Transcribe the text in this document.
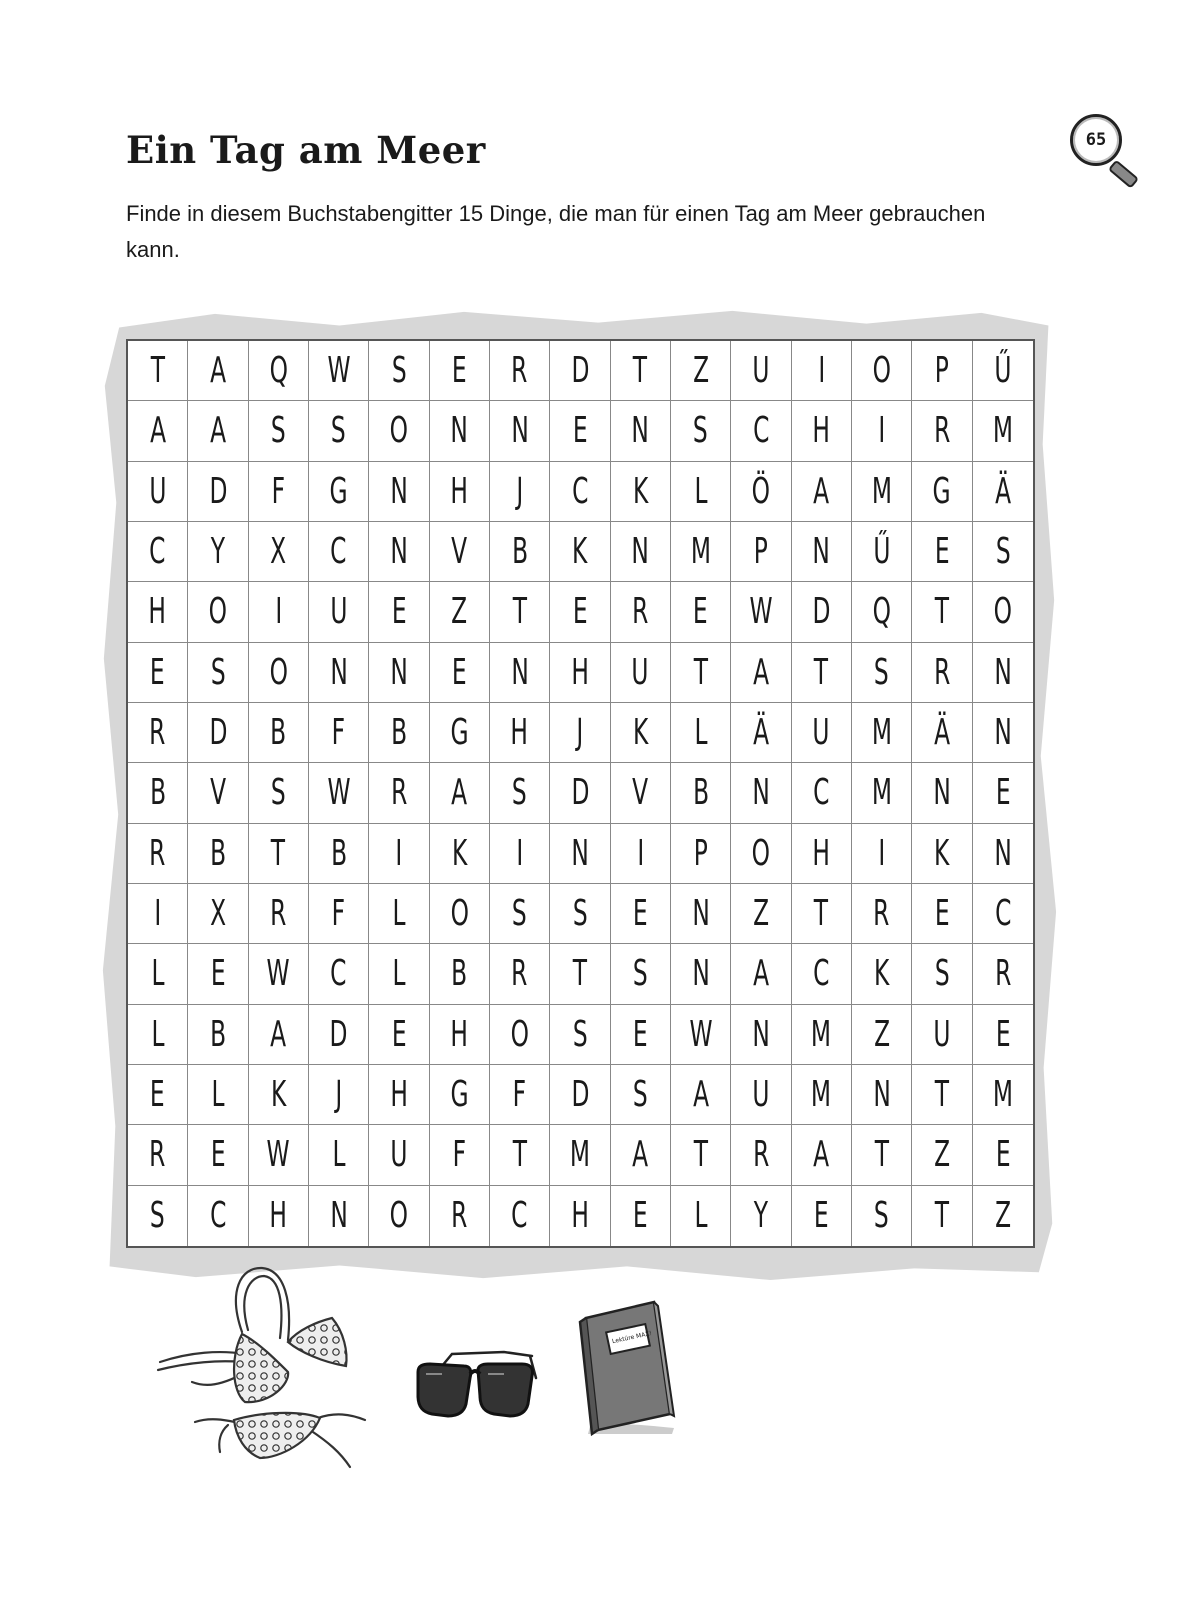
Ein Tag am Meer	65

Finde in diesem Buchstabengitter 15 Dinge, die man für einen Tag am Meer gebrauchen kann.

T A Q W S E R D T Z U I O P Ű
A A S S O N N E N S C H I R M
U D F G N H J C K L Ö A M G Ä
C Y X C N V B K N M P N Ű E S
H O I U E Z T E R E W D Q T O
E S O N N E N H U T A T S R N
R D B F B G H J K L Ä U M Ä N
B V S W R A S D V B N C M N E
R B T B I K I N I P O H I K N
I X R F L O S S E N Z T R E C
L E W C L B R T S N A C K S R
L B A D E H O S E W N M Z U E
E L K J H G F D S A U M N T M
R E W L U F T M A T R A T Z E
S C H N O R C H E L Y E S T Z
Lektüre MAX!
